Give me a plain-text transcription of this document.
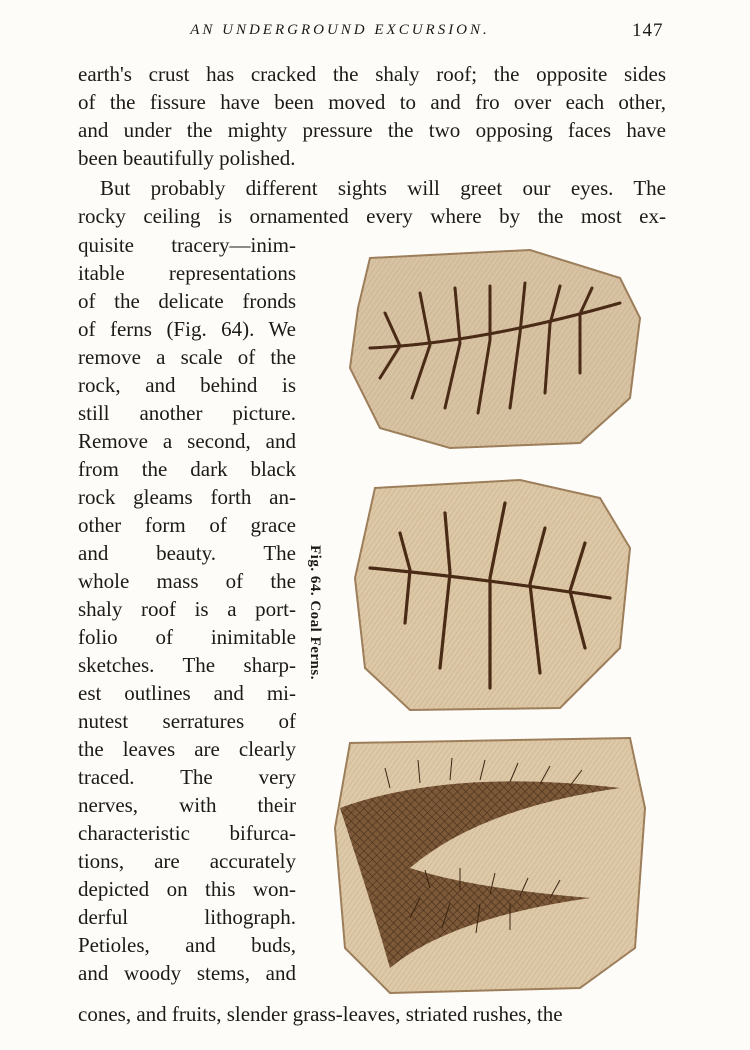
AN UNDERGROUND EXCURSION.	147
earth's crust has cracked the shaly roof; the opposite sides
of the fissure have been moved to and fro over each other,
and under the mighty pressure the two opposing faces have
been beautifully polished.
But probably different sights will greet our eyes. The
rocky ceiling is ornamented every where by the most ex-
quisite tracery—inim-
itable representations
of the delicate fronds
of ferns (Fig. 64). We
remove a scale of the
rock, and behind is
still another picture.
Remove a second, and
from the dark black
rock gleams forth an-
other form of grace
and beauty. The
whole mass of the
shaly roof is a port-
folio of inimitable
sketches. The sharp-
est outlines and mi-
nutest serratures of
the leaves are clearly
traced. The very
nerves, with their
characteristic bifurca-
tions, are accurately
depicted on this won-
derful lithograph.
Petioles, and buds,
and woody stems, and
cones, and fruits, slender grass-leaves, striated rushes, the
Fig. 64. Coal Ferns.
